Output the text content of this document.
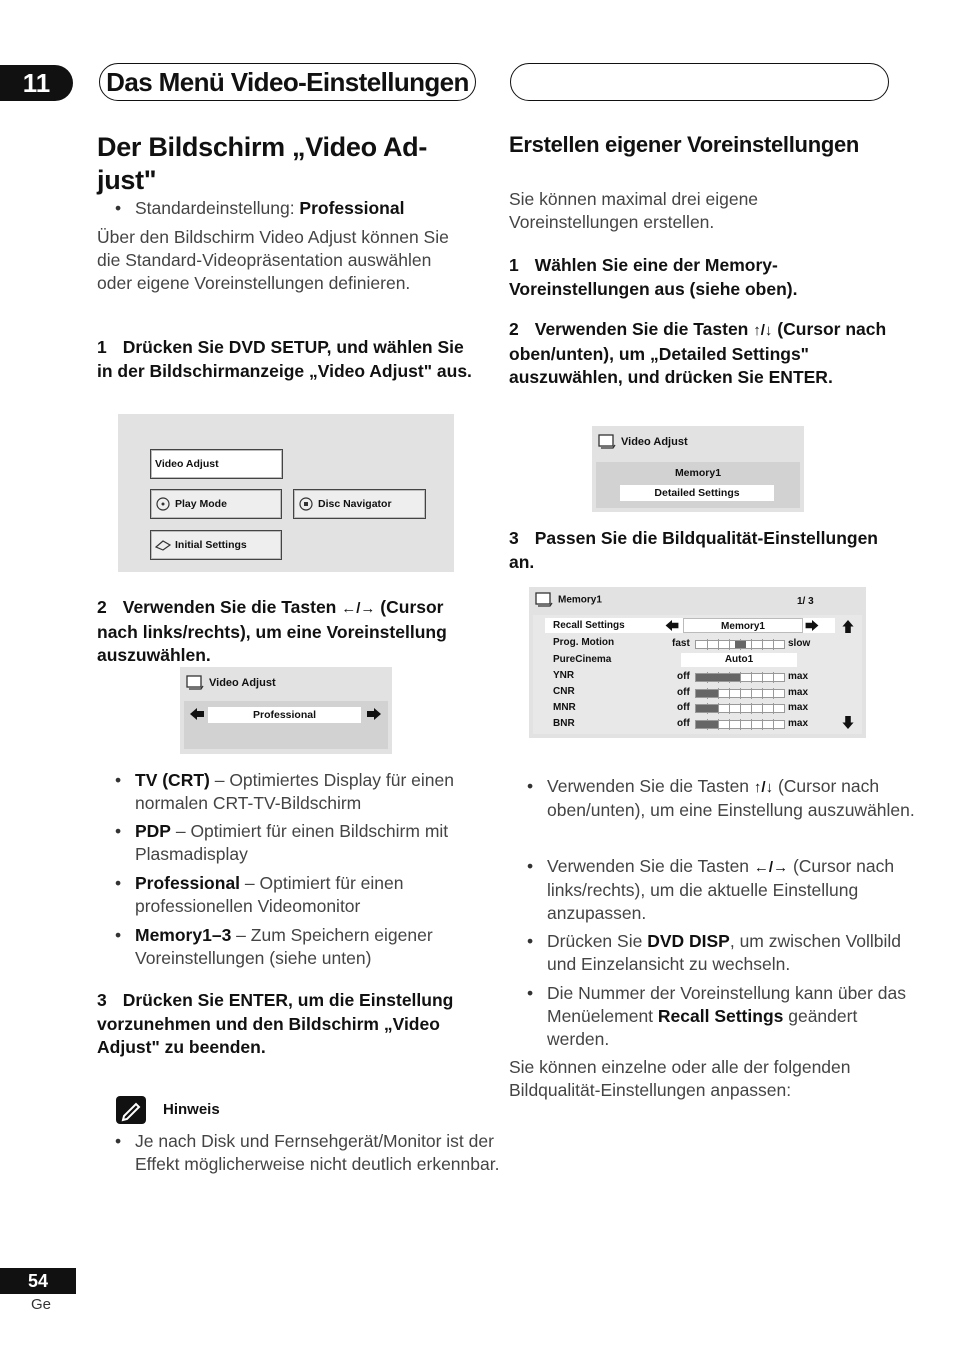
11	Das Menü Video-Einstellungen
Der Bildschirm „Video Ad-
just"
• Standardeinstellung: Professional
Über den Bildschirm Video Adjust können Sie die Standard-Videopräsentation auswählen oder eigene Voreinstellungen definieren.
1 Drücken Sie DVD SETUP, und wählen Sie in der Bildschirmanzeige „Video Adjust" aus.
Video Adjust
Play Mode	Disc Navigator
Initial Settings
2 Verwenden Sie die Tasten ←/→ (Cursor nach links/rechts), um eine Voreinstellung auszuwählen.
Video Adjust
Professional
• TV (CRT) – Optimiertes Display für einen normalen CRT-TV-Bildschirm
• PDP – Optimiert für einen Bildschirm mit Plasmadisplay
• Professional – Optimiert für einen professionellen Videomonitor
• Memory1–3 – Zum Speichern eigener Voreinstellungen (siehe unten)
3 Drücken Sie ENTER, um die Einstellung vorzunehmen und den Bildschirm „Video Adjust" zu beenden.
Hinweis
• Je nach Disk und Fernsehgerät/Monitor ist der Effekt möglicherweise nicht deutlich erkennbar.
Erstellen eigener Voreinstellungen
Sie können maximal drei eigene Voreinstellungen erstellen.
1 Wählen Sie eine der Memory-Voreinstellungen aus (siehe oben).
2 Verwenden Sie die Tasten ↑/↓ (Cursor nach oben/unten), um „Detailed Settings" auszuwählen, und drücken Sie ENTER.
Video Adjust
Memory1
Detailed Settings
3 Passen Sie die Bildqualität-Einstellungen an.
Memory1	1/ 3
Recall Settings	Memory1
Prog. Motion	fast	slow
PureCinema	Auto1
YNR	off	max
CNR	off	max
MNR	off	max
BNR	off	max
• Verwenden Sie die Tasten ↑/↓ (Cursor nach oben/unten), um eine Einstellung auszuwählen.
• Verwenden Sie die Tasten ←/→ (Cursor nach links/rechts), um die aktuelle Einstellung anzupassen.
• Drücken Sie DVD DISP, um zwischen Vollbild und Einzelansicht zu wechseln.
• Die Nummer der Voreinstellung kann über das Menüelement Recall Settings geändert werden.
Sie können einzelne oder alle der folgenden Bildqualität-Einstellungen anpassen:
54
Ge
